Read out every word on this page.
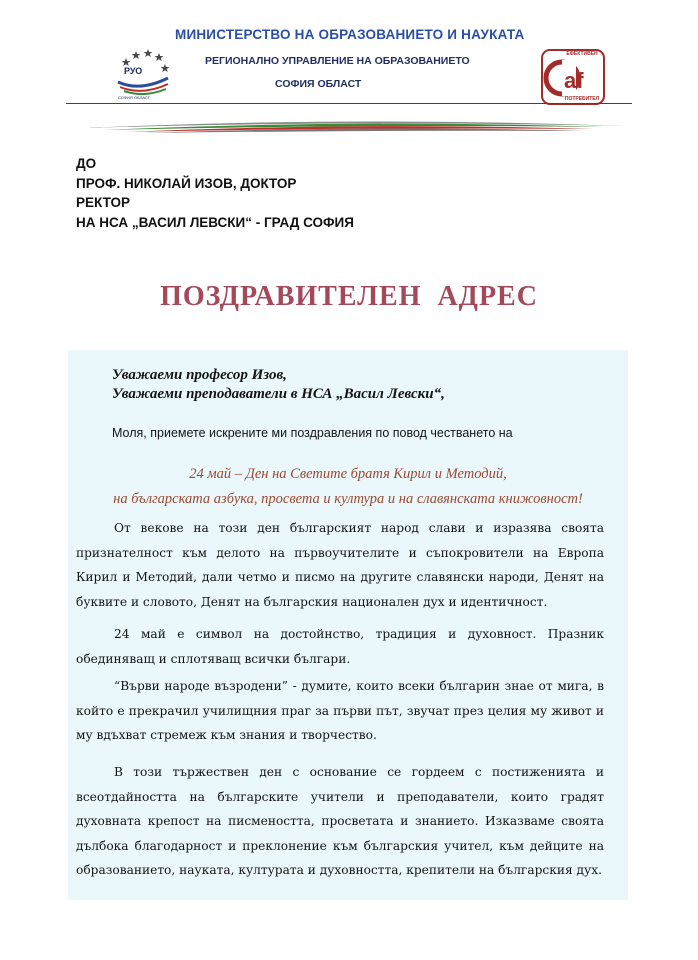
РУО
СОФИЯ ОБЛАСТ
МИНИСТЕРСТВО НА ОБРАЗОВАНИЕТО И НАУКАТА
РЕГИОНАЛНО УПРАВЛЕНИЕ НА ОБРАЗОВАНИЕТО
СОФИЯ ОБЛАСТ	af
ЕФЕКТИВЕН
ПОТРЕБИТЕЛ
ДО
ПРОФ. НИКОЛАЙ ИЗОВ, ДОКТОР
РЕКТОР
НА НСА „ВАСИЛ ЛЕВСКИ“ - ГРАД СОФИЯ
ПОЗДРАВИТЕЛЕН  АДРЕС
Уважаеми професор Изов,
Уважаеми преподаватели в НСА „Васил Левски“,
Моля, приемете искрените ми поздравления по повод честването на
24 май – Ден на Светите братя Кирил и Методий,
на българската азбука, просвета и култура и на славянската книжовност!

От векове на този ден българският народ слави и изразява своята признателност към делото на първоучителите и съпокровители на Европа Кирил и Методий, дали четмо и писмо на другите славянски народи, Денят на буквите и словото, Денят на българския национален дух и идентичност.

24 май е символ на достойнство, традиция и духовност. Празник обединяващ и сплотяващ всички българи.

“Върви народе възродени” - думите, които всеки българин знае от мига, в който е прекрачил училищния праг за първи път, звучат през целия му живот и му вдъхват стремеж към знания и творчество.

В този тържествен ден с основание се гордеем с постиженията и всеотдайността на българските учители и преподаватели, които градят духовната крепост на писмеността, просветата и знанието. Изказваме своята дълбока благодарност и преклонение към българския учител, към дейците на образованието, науката, културата и духовността, крепители на българския дух.
